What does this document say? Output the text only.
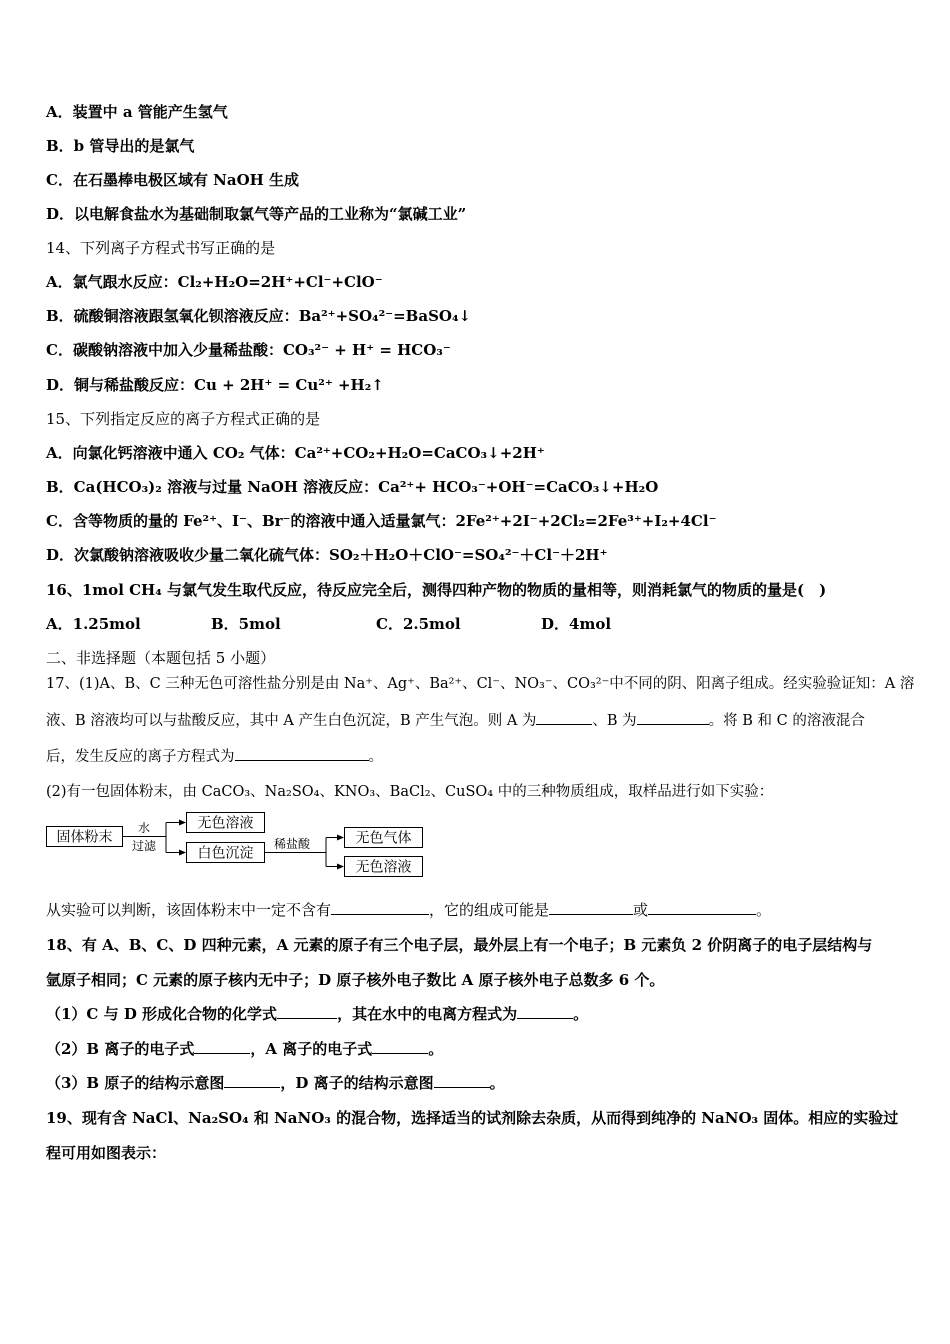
A．装置中 a 管能产生氢气
B．b 管导出的是氯气
C．在石墨棒电极区域有 NaOH 生成
D．以电解食盐水为基础制取氯气等产品的工业称为“氯碱工业”
14、下列离子方程式书写正确的是
A．氯气跟水反应：Cl₂+H₂O=2H⁺+Cl⁻+ClO⁻
B．硫酸铜溶液跟氢氧化钡溶液反应：Ba²⁺+SO₄²⁻=BaSO₄↓
C．碳酸钠溶液中加入少量稀盐酸：CO₃²⁻ + H⁺ = HCO₃⁻
D．铜与稀盐酸反应：Cu + 2H⁺ = Cu²⁺ +H₂↑
15、下列指定反应的离子方程式正确的是
A．向氯化钙溶液中通入 CO₂ 气体：Ca²⁺+CO₂+H₂O=CaCO₃↓+2H⁺
B．Ca(HCO₃)₂ 溶液与过量 NaOH 溶液反应：Ca²⁺+ HCO₃⁻+OH⁻=CaCO₃↓+H₂O
C．含等物质的量的 Fe²⁺、I⁻、Br⁻的溶液中通入适量氯气：2Fe²⁺+2I⁻+2Cl₂=2Fe³⁺+I₂+4Cl⁻
D．次氯酸钠溶液吸收少量二氧化硫气体：SO₂＋H₂O＋ClO⁻=SO₄²⁻＋Cl⁻＋2H⁺
16、1mol CH₄ 与氯气发生取代反应，待反应完全后，测得四种产物的物质的量相等，则消耗氯气的物质的量是(　)
A．1.25mol	B．5mol	C．2.5mol	D．4mol
二、非选择题（本题包括 5 小题）
17、(1)A、B、C 三种无色可溶性盐分别是由 Na⁺、Ag⁺、Ba²⁺、Cl⁻、NO₃⁻、CO₃²⁻中不同的阴、阳离子组成。经实验验证知：A 溶
液、B 溶液均可以与盐酸反应，其中 A 产生白色沉淀，B 产生气泡。则 A 为	、B 为	。将 B 和 C 的溶液混合
后，发生反应的离子方程式为	。
(2)有一包固体粉末，由 CaCO₃、Na₂SO₄、KNO₃、BaCl₂、CuSO₄ 中的三种物质组成，取样品进行如下实验：
固体粉末
水
过滤
无色溶液
白色沉淀
稀盐酸	无色气体
无色溶液
从实验可以判断，该固体粉末中一定不含有	，它的组成可能是	或	。
18、有 A、B、C、D 四种元素，A 元素的原子有三个电子层，最外层上有一个电子；B 元素负 2 价阴离子的电子层结构与
氩原子相同；C 元素的原子核内无中子；D 原子核外电子数比 A 原子核外电子总数多 6 个。
（1）C 与 D 形成化合物的化学式	，其在水中的电离方程式为	。
（2）B 离子的电子式	，A 离子的电子式	。
（3）B 原子的结构示意图	，D 离子的结构示意图	。
19、现有含 NaCl、Na₂SO₄ 和 NaNO₃ 的混合物，选择适当的试剂除去杂质，从而得到纯净的 NaNO₃ 固体。相应的实验过
程可用如图表示：
